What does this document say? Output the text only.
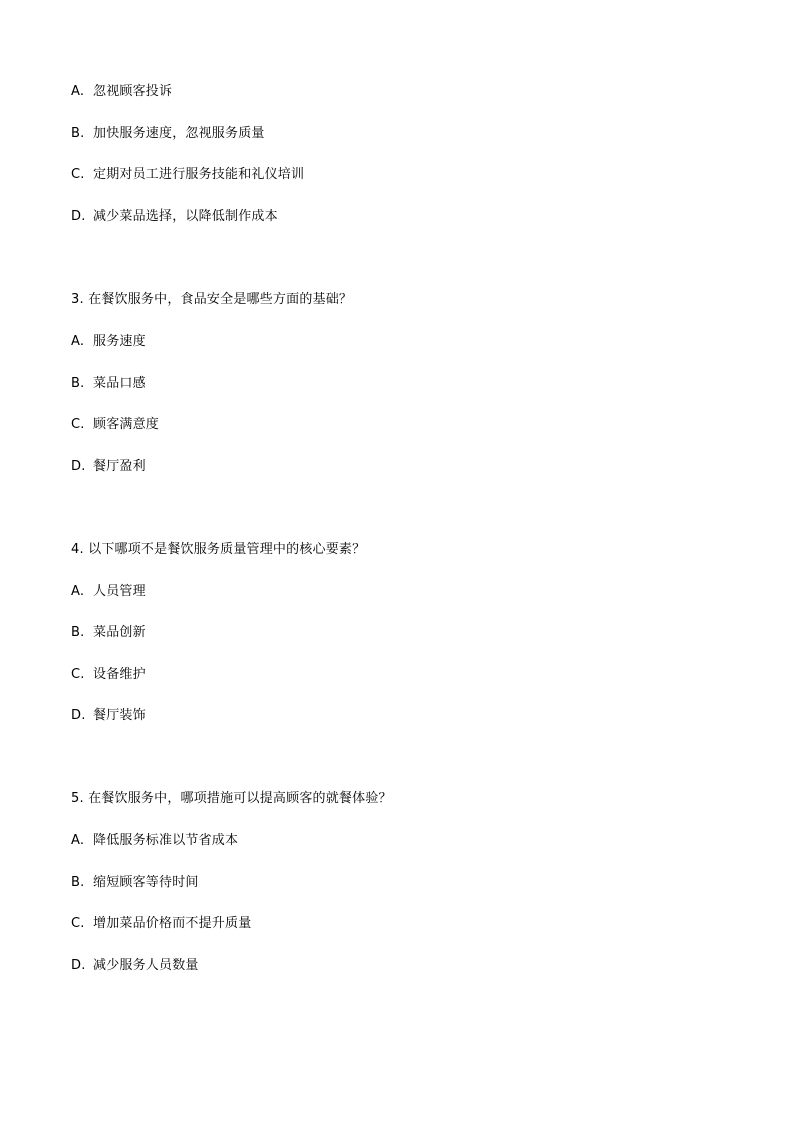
A. 忽视顾客投诉
B. 加快服务速度，忽视服务质量
C. 定期对员工进行服务技能和礼仪培训
D. 减少菜品选择，以降低制作成本
3. 在餐饮服务中，食品安全是哪些方面的基础？
A. 服务速度
B. 菜品口感
C. 顾客满意度
D. 餐厅盈利
4. 以下哪项不是餐饮服务质量管理中的核心要素？
A. 人员管理
B. 菜品创新
C. 设备维护
D. 餐厅装饰
5. 在餐饮服务中，哪项措施可以提高顾客的就餐体验？
A. 降低服务标准以节省成本
B. 缩短顾客等待时间
C. 增加菜品价格而不提升质量
D. 减少服务人员数量
